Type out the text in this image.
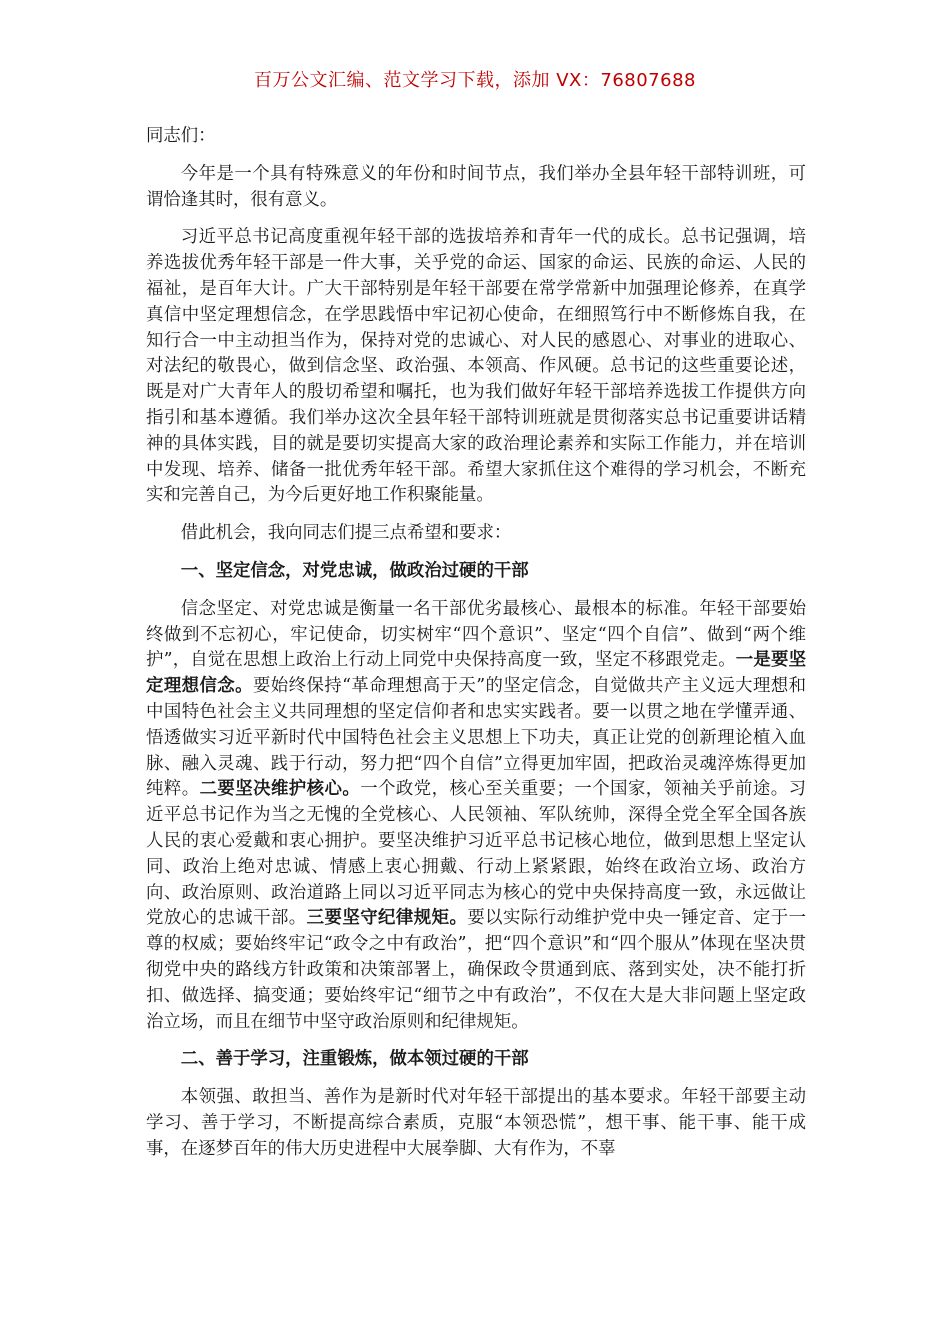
百万公文汇编、范文学习下载，添加 VX：76807688

同志们：

今年是一个具有特殊意义的年份和时间节点，我们举办全县年轻干部特训班，可谓恰逢其时，很有意义。

习近平总书记高度重视年轻干部的选拔培养和青年一代的成长。总书记强调，培养选拔优秀年轻干部是一件大事，关乎党的命运、国家的命运、民族的命运、人民的福祉，是百年大计。广大干部特别是年轻干部要在常学常新中加强理论修养，在真学真信中坚定理想信念，在学思践悟中牢记初心使命，在细照笃行中不断修炼自我，在知行合一中主动担当作为，保持对党的忠诚心、对人民的感恩心、对事业的进取心、对法纪的敬畏心，做到信念坚、政治强、本领高、作风硬。总书记的这些重要论述，既是对广大青年人的殷切希望和嘱托，也为我们做好年轻干部培养选拔工作提供方向指引和基本遵循。我们举办这次全县年轻干部特训班就是贯彻落实总书记重要讲话精神的具体实践，目的就是要切实提高大家的政治理论素养和实际工作能力，并在培训中发现、培养、储备一批优秀年轻干部。希望大家抓住这个难得的学习机会，不断充实和完善自己，为今后更好地工作积聚能量。

借此机会，我向同志们提三点希望和要求：

一、坚定信念，对党忠诚，做政治过硬的干部

信念坚定、对党忠诚是衡量一名干部优劣最核心、最根本的标准。年轻干部要始终做到不忘初心，牢记使命，切实树牢“四个意识”、坚定“四个自信”、做到“两个维护”，自觉在思想上政治上行动上同党中央保持高度一致，坚定不移跟党走。一是要坚定理想信念。要始终保持“革命理想高于天”的坚定信念，自觉做共产主义远大理想和中国特色社会主义共同理想的坚定信仰者和忠实实践者。要一以贯之地在学懂弄通、悟透做实习近平新时代中国特色社会主义思想上下功夫，真正让党的创新理论植入血脉、融入灵魂、践于行动，努力把“四个自信”立得更加牢固，把政治灵魂淬炼得更加纯粹。二要坚决维护核心。一个政党，核心至关重要；一个国家，领袖关乎前途。习近平总书记作为当之无愧的全党核心、人民领袖、军队统帅，深得全党全军全国各族人民的衷心爱戴和衷心拥护。要坚决维护习近平总书记核心地位，做到思想上坚定认同、政治上绝对忠诚、情感上衷心拥戴、行动上紧紧跟，始终在政治立场、政治方向、政治原则、政治道路上同以习近平同志为核心的党中央保持高度一致，永远做让党放心的忠诚干部。三要坚守纪律规矩。要以实际行动维护党中央一锤定音、定于一尊的权威；要始终牢记“政令之中有政治”，把“四个意识”和“四个服从”体现在坚决贯彻党中央的路线方针政策和决策部署上，确保政令贯通到底、落到实处，决不能打折扣、做选择、搞变通；要始终牢记“细节之中有政治”，不仅在大是大非问题上坚定政治立场，而且在细节中坚守政治原则和纪律规矩。

二、善于学习，注重锻炼，做本领过硬的干部

本领强、敢担当、善作为是新时代对年轻干部提出的基本要求。年轻干部要主动学习、善于学习，不断提高综合素质，克服“本领恐慌”，想干事、能干事、能干成事，在逐梦百年的伟大历史进程中大展拳脚、大有作为，不辜
